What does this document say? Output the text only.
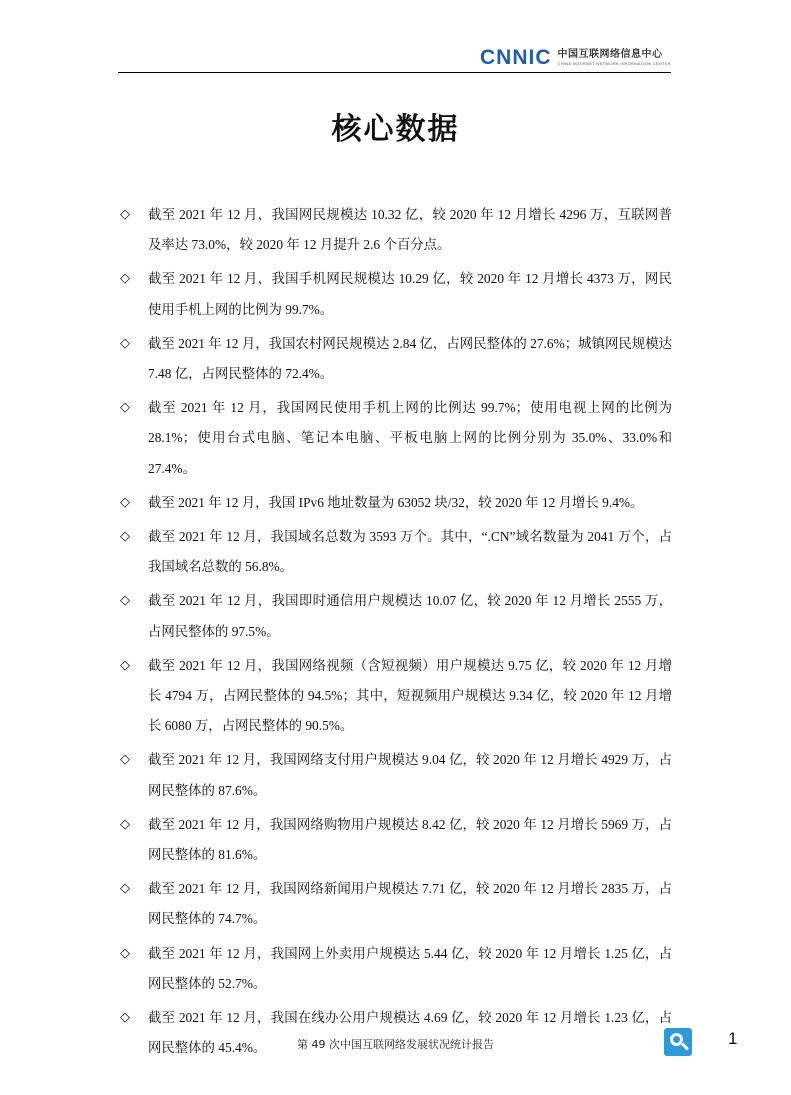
CNNIC 中国互联网络信息中心
CHINA INTERNET NETWORK INFORMATION CENTER
核心数据
◇ 截至 2021 年 12 月，我国网民规模达 10.32 亿，较 2020 年 12 月增长 4296 万，互联网普及率达 73.0%，较 2020 年 12 月提升 2.6 个百分点。
◇ 截至 2021 年 12 月，我国手机网民规模达 10.29 亿，较 2020 年 12 月增长 4373 万，网民使用手机上网的比例为 99.7%。
◇ 截至 2021 年 12 月，我国农村网民规模达 2.84 亿，占网民整体的 27.6%；城镇网民规模达 7.48 亿，占网民整体的 72.4%。
◇ 截至 2021 年 12 月，我国网民使用手机上网的比例达 99.7%；使用电视上网的比例为 28.1%；使用台式电脑、笔记本电脑、平板电脑上网的比例分别为 35.0%、33.0%和 27.4%。
◇ 截至 2021 年 12 月，我国 IPv6 地址数量为 63052 块/32，较 2020 年 12 月增长 9.4%。
◇ 截至 2021 年 12 月，我国域名总数为 3593 万个。其中，“.CN”域名数量为 2041 万个，占我国域名总数的 56.8%。
◇ 截至 2021 年 12 月，我国即时通信用户规模达 10.07 亿，较 2020 年 12 月增长 2555 万，占网民整体的 97.5%。
◇ 截至 2021 年 12 月，我国网络视频（含短视频）用户规模达 9.75 亿，较 2020 年 12 月增长 4794 万，占网民整体的 94.5%；其中，短视频用户规模达 9.34 亿，较 2020 年 12 月增长 6080 万，占网民整体的 90.5%。
◇ 截至 2021 年 12 月，我国网络支付用户规模达 9.04 亿，较 2020 年 12 月增长 4929 万，占网民整体的 87.6%。
◇ 截至 2021 年 12 月，我国网络购物用户规模达 8.42 亿，较 2020 年 12 月增长 5969 万，占网民整体的 81.6%。
◇ 截至 2021 年 12 月，我国网络新闻用户规模达 7.71 亿，较 2020 年 12 月增长 2835 万，占网民整体的 74.7%。
◇ 截至 2021 年 12 月，我国网上外卖用户规模达 5.44 亿，较 2020 年 12 月增长 1.25 亿，占网民整体的 52.7%。
◇ 截至 2021 年 12 月，我国在线办公用户规模达 4.69 亿，较 2020 年 12 月增长 1.23 亿，占网民整体的 45.4%。	第 49 次中国互联网络发展状况统计报告	1
